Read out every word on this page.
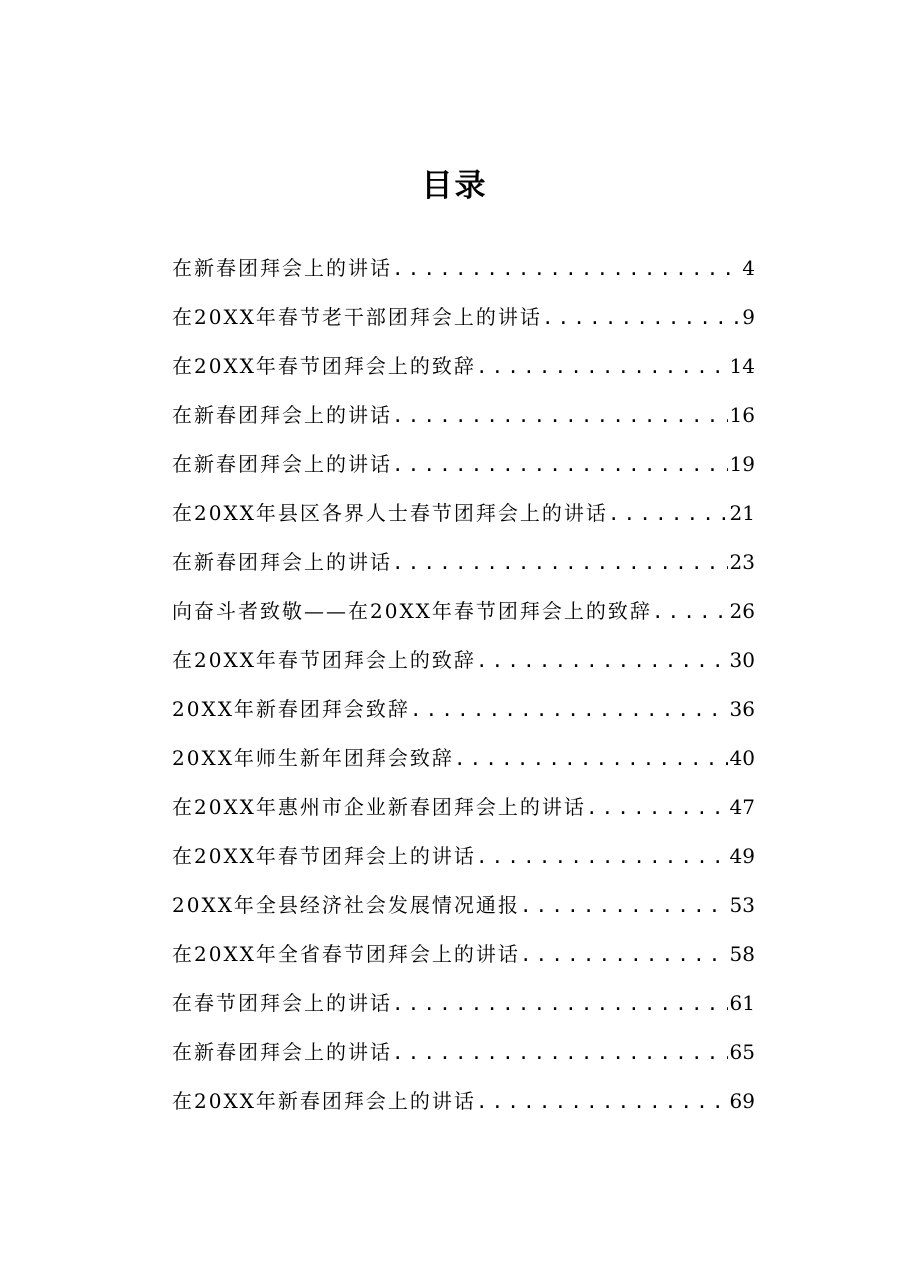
目录
在新春团拜会上的讲话 .....	4
在20XX年春节老干部团拜会上的讲话 .....	9
在20XX年春节团拜会上的致辞 .....	14
在新春团拜会上的讲话 .....	16
在新春团拜会上的讲话 .....	19
在20XX年县区各界人士春节团拜会上的讲话 .....	21
在新春团拜会上的讲话 .....	23
向奋斗者致敬——在20XX年春节团拜会上的致辞 .....	26
在20XX年春节团拜会上的致辞 .....	30
20XX年新春团拜会致辞 .....	36
20XX年师生新年团拜会致辞 .....	40
在20XX年惠州市企业新春团拜会上的讲话 .....	47
在20XX年春节团拜会上的讲话 .....	49
20XX年全县经济社会发展情况通报 .....	53
在20XX年全省春节团拜会上的讲话 .....	58
在春节团拜会上的讲话 .....	61
在新春团拜会上的讲话 .....	65
在20XX年新春团拜会上的讲话 .....	69
